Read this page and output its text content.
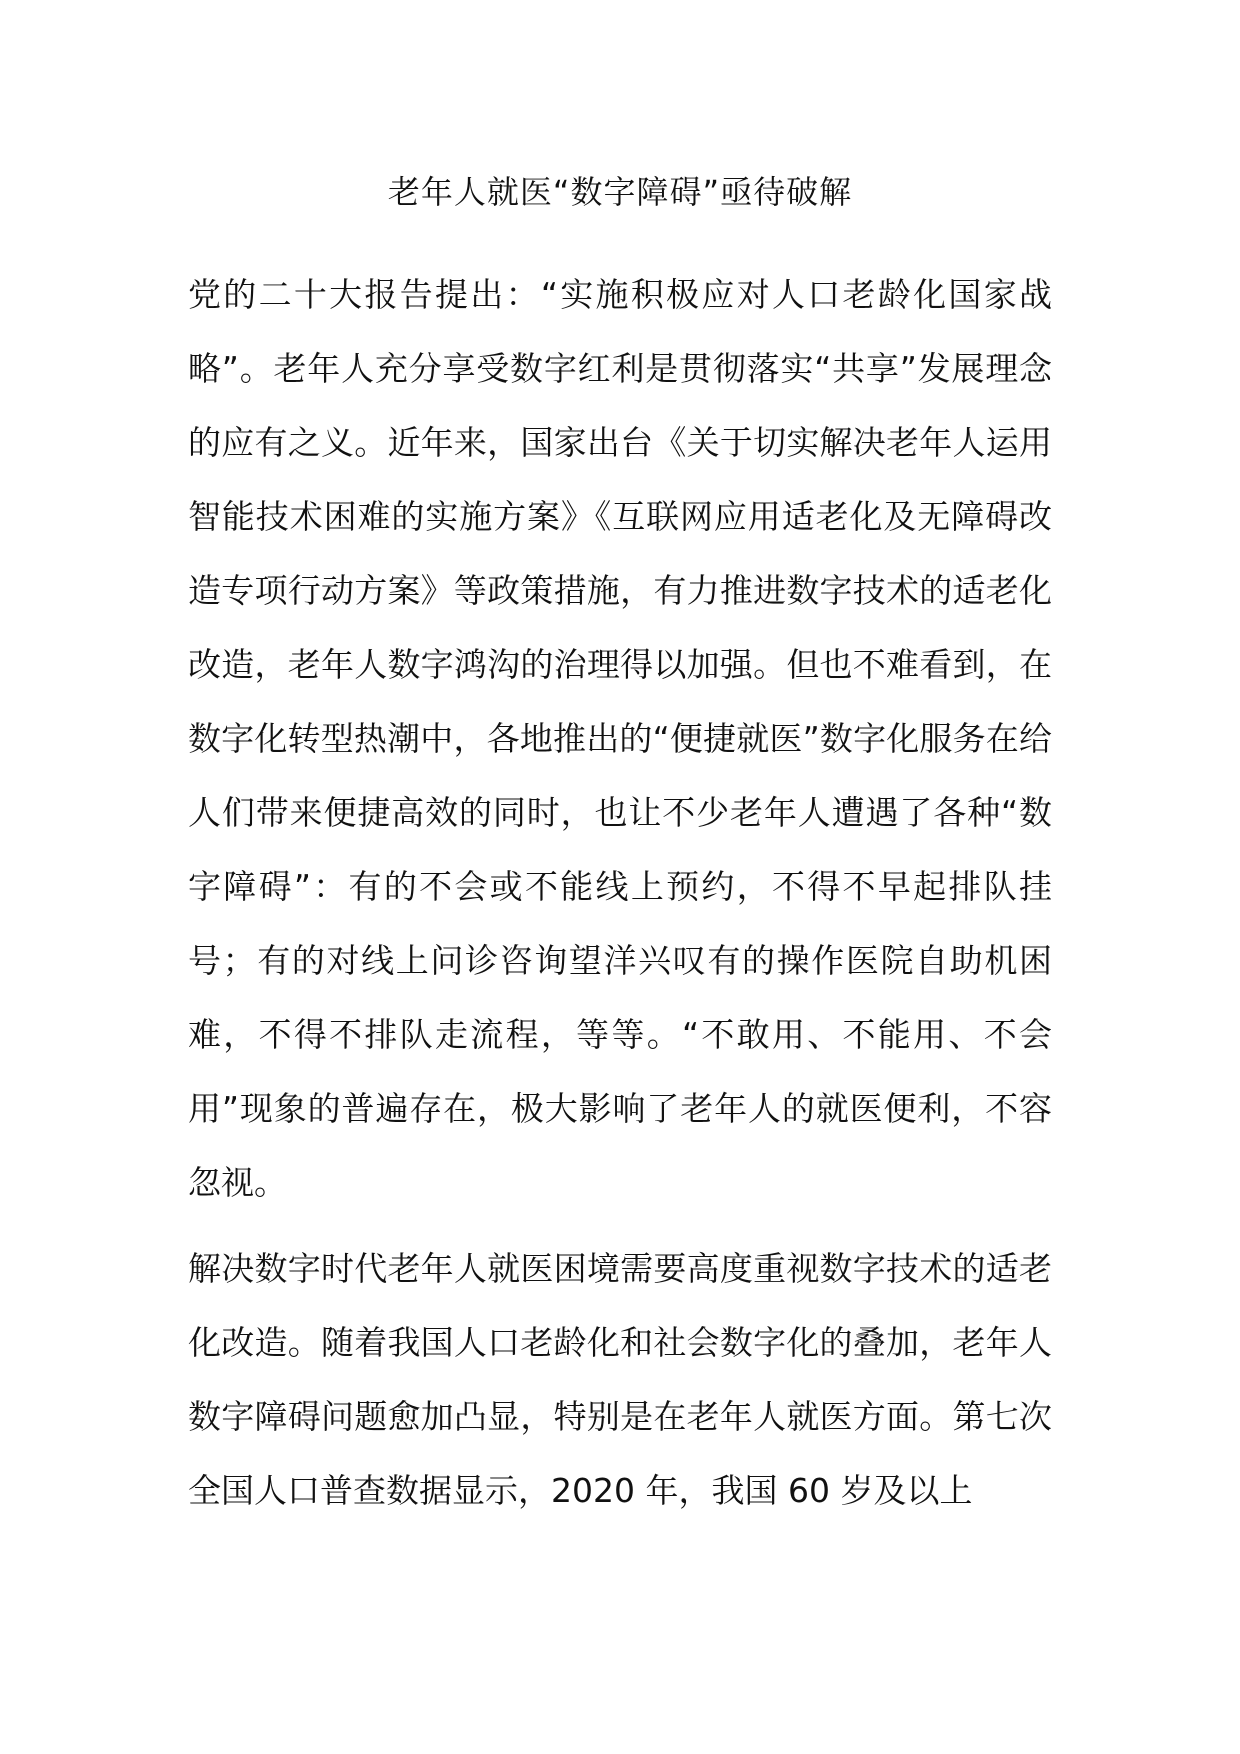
老年人就医“数字障碍”亟待破解

党的二十大报告提出：“实施积极应对人口老龄化国家战略”。老年人充分享受数字红利是贯彻落实“共享”发展理念的应有之义。近年来，国家出台《关于切实解决老年人运用智能技术困难的实施方案》《互联网应用适老化及无障碍改造专项行动方案》等政策措施，有力推进数字技术的适老化改造，老年人数字鸿沟的治理得以加强。但也不难看到，在数字化转型热潮中，各地推出的“便捷就医”数字化服务在给人们带来便捷高效的同时，也让不少老年人遭遇了各种“数字障碍”：有的不会或不能线上预约，不得不早起排队挂号；有的对线上问诊咨询望洋兴叹有的操作医院自助机困难，不得不排队走流程，等等。“不敢用、不能用、不会用”现象的普遍存在，极大影响了老年人的就医便利，不容忽视。

解决数字时代老年人就医困境需要高度重视数字技术的适老化改造。随着我国人口老龄化和社会数字化的叠加，老年人数字障碍问题愈加凸显，特别是在老年人就医方面。第七次全国人口普查数据显示，2020 年，我国 60 岁及以上
